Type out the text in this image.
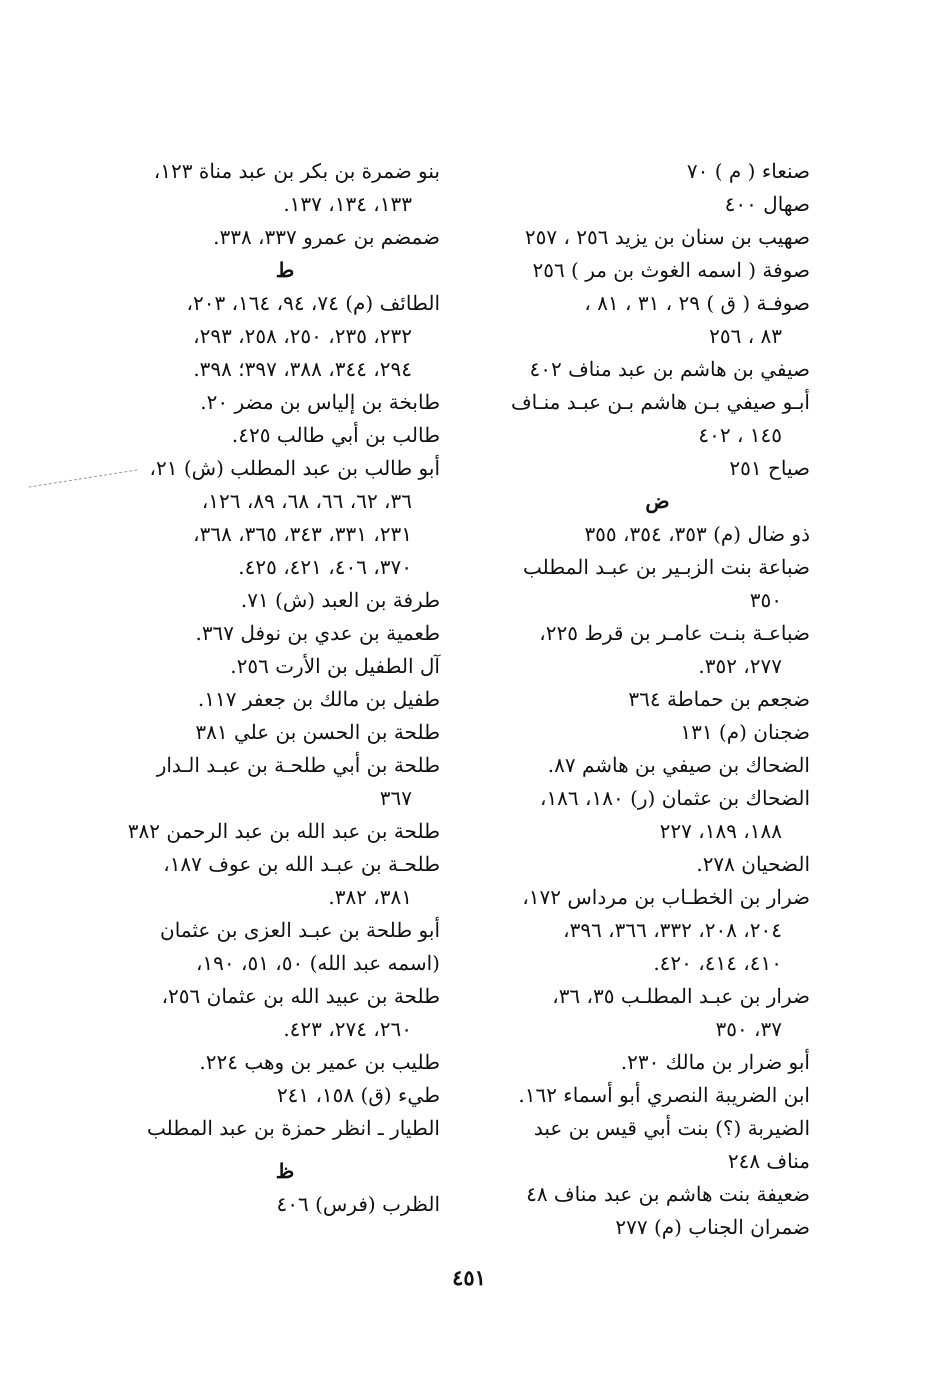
صنعاء ( م ) ٧٠
صهال ٤٠٠
صهيب بن سنان بن يزيد ٢٥٦ ، ٢٥٧
صوفة ( اسمه الغوث بن مر ) ٢٥٦
صوفـة ( ق ) ٢٩ ، ٣١ ، ٨١ ،
٨٣ ، ٢٥٦
صيفي بن هاشم بن عبد مناف ٤٠٢
أبـو صيفي بـن هاشم بـن عبـد منـاف
١٤٥ ، ٤٠٢
صياح ٢٥١
ض
ذو ضال (م) ٣٥٣، ٣٥٤، ٣٥٥
ضباعة بنت الزبـير بن عبـد المطلب
٣٥٠
ضباعـة بنـت عامـر بن قرط ٢٢٥،
٢٧٧، ٣٥٢.
ضجعم بن حماطة ٣٦٤
ضجنان (م) ١٣١
الضحاك بن صيفي بن هاشم ٨٧.
الضحاك بن عثمان (ر) ١٨٠، ١٨٦،
١٨٨، ١٨٩، ٢٢٧
الضحيان ٢٧٨.
ضرار بن الخطـاب بن مرداس ١٧٢،
٢٠٤، ٢٠٨، ٣٣٢، ٣٦٦، ٣٩٦،
٤١٠، ٤١٤، ٤٢٠.
ضرار بن عبـد المطلـب ٣٥، ٣٦،
٣٧، ٣٥٠
أبو ضرار بن مالك ٢٣٠.
ابن الضريبة النصري أبو أسماء ١٦٢.
الضيربة (؟) بنت أبي قيس بن عبد
مناف ٢٤٨
ضعيفة بنت هاشم بن عبد مناف ٤٨
ضمران الجناب (م) ٢٧٧
بنو ضمرة بن بكر بن عبد مناة ١٢٣،
١٣٣، ١٣٤، ١٣٧.
ضمضم بن عمرو ٣٣٧، ٣٣٨.
ط
الطائف (م) ٧٤، ٩٤، ١٦٤، ٢٠٣،
٢٣٢، ٢٣٥، ٢٥٠، ٢٥٨، ٢٩٣،
٢٩٤، ٣٤٤، ٣٨٨، ٣٩٧؛ ٣٩٨.
طابخة بن إلياس بن مضر ٢٠.
طالب بن أبي طالب ٤٢٥.
أبو طالب بن عبد المطلب (ش) ٢١،
٣٦، ٦٢، ٦٦، ٦٨، ٨٩، ١٢٦،
٢٣١، ٣٣١، ٣٤٣، ٣٦٥، ٣٦٨،
٣٧٠، ٤٠٦، ٤٢١، ٤٢٥.
طرفة بن العبد (ش) ٧١.
طعمية بن عدي بن نوفل ٣٦٧.
آل الطفيل بن الأرت ٢٥٦.
طفيل بن مالك بن جعفر ١١٧.
طلحة بن الحسن بن علي ٣٨١
طلحة بن أبي طلحـة بن عبـد الـدار
٣٦٧
طلحة بن عبد الله بن عبد الرحمن ٣٨٢
طلحـة بن عبـد الله بن عوف ١٨٧،
٣٨١، ٣٨٢.
أبو طلحة بن عبـد العزى بن عثمان
(اسمه عبد الله) ٥٠، ٥١، ١٩٠،
طلحة بن عبيد الله بن عثمان ٢٥٦،
٢٦٠، ٢٧٤، ٤٢٣.
طليب بن عمير بن وهب ٢٢٤.
طيء (ق) ١٥٨، ٢٤١
الطيار ـ انظر حمزة بن عبد المطلب
ظ
الظرب (فرس) ٤٠٦
٤٥١
